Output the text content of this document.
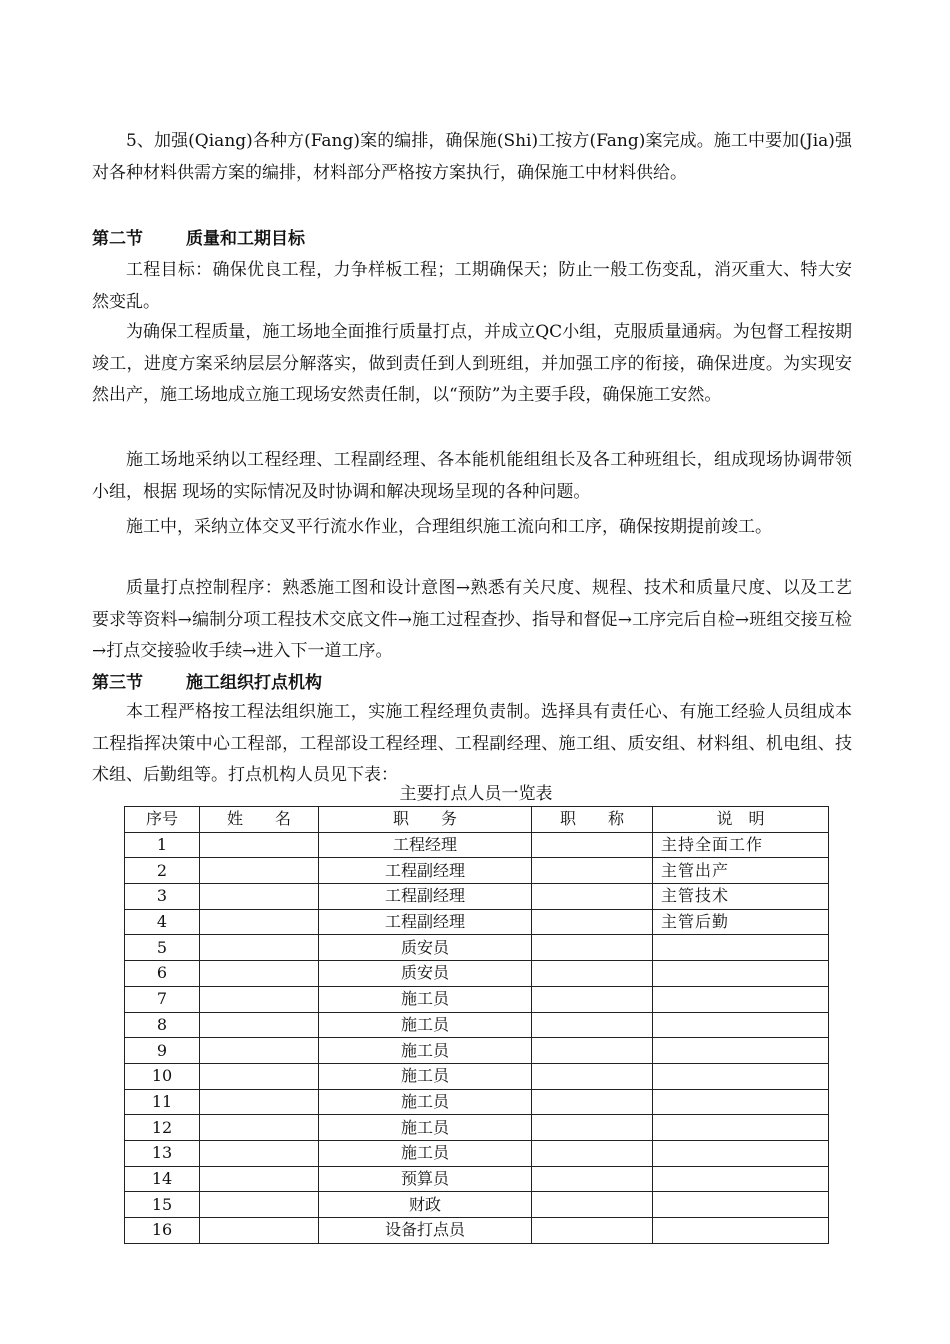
5、加强(Qiang)各种方(Fang)案的编排，确保施(Shi)工按方(Fang)案完成。施工中要加(Jia)强对各种材料供需方案的编排，材料部分严格按方案执行，确保施工中材料供给。

第二节	质量和工期目标

工程目标：确保优良工程，力争样板工程；工期确保天；防止一般工伤变乱，消灭重大、特大安然变乱。

为确保工程质量，施工场地全面推行质量打点，并成立QC小组，克服质量通病。为包督工程按期竣工，进度方案采纳层层分解落实，做到责任到人到班组，并加强工序的衔接，确保进度。为实现安然出产，施工场地成立施工现场安然责任制，以“预防”为主要手段，确保施工安然。

施工场地采纳以工程经理、工程副经理、各本能机能组组长及各工种班组长，组成现场协调带领小组，根据 现场的实际情况及时协调和解决现场呈现的各种问题。

施工中，采纳立体交叉平行流水作业，合理组织施工流向和工序，确保按期提前竣工。

质量打点控制程序：熟悉施工图和设计意图→熟悉有关尺度、规程、技术和质量尺度、以及工艺要求等资料→编制分项工程技术交底文件→施工过程查抄、指导和督促→工序完后自检→班组交接互检→打点交接验收手续→进入下一道工序。

第三节	施工组织打点机构

本工程严格按工程法组织施工，实施工程经理负责制。选择具有责任心、有施工经验人员组成本工程指挥决策中心工程部，工程部设工程经理、工程副经理、施工组、质安组、材料组、机电组、技术组、后勤组等。打点机构人员见下表：

主要打点人员一览表
序号	姓　　名	职　　务	职　　称	说　明
1		工程经理		主持全面工作
2		工程副经理		主管出产
3		工程副经理		主管技术
4		工程副经理		主管后勤
5		质安员		
6		质安员		
7		施工员		
8		施工员		
9		施工员		
10		施工员		
11		施工员		
12		施工员		
13		施工员		
14		预算员		
15		财政		
16		设备打点员		
